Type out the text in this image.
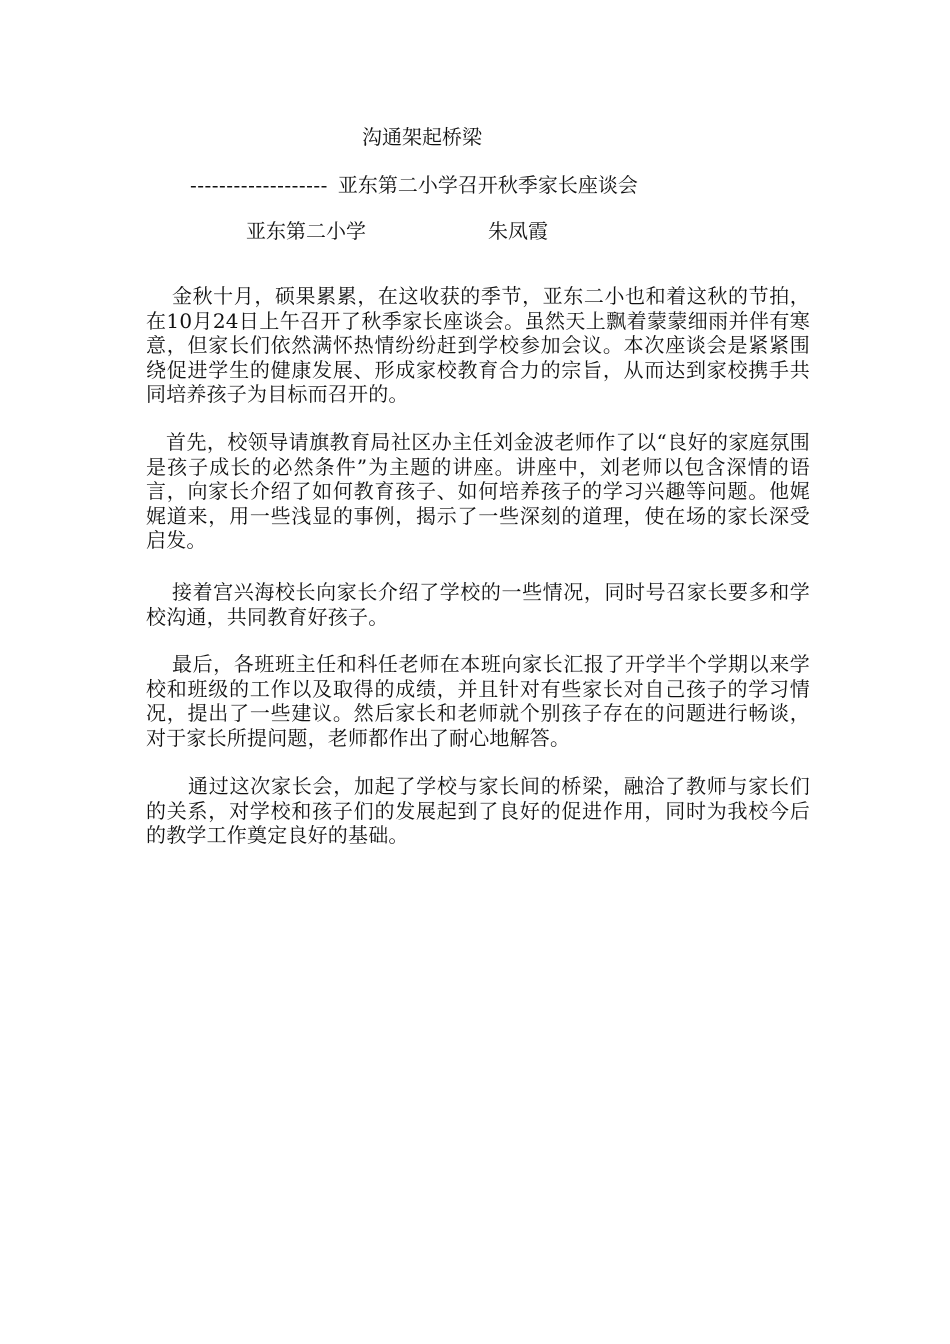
沟通架起桥梁
------------------- 亚东第二小学召开秋季家长座谈会
亚东第二小学	朱凤霞

金秋十月，硕果累累，在这收获的季节，亚东二小也和着这秋的节拍，在10月24日上午召开了秋季家长座谈会。虽然天上飘着蒙蒙细雨并伴有寒意，但家长们依然满怀热情纷纷赶到学校参加会议。本次座谈会是紧紧围绕促进学生的健康发展、形成家校教育合力的宗旨，从而达到家校携手共同培养孩子为目标而召开的。

首先，校领导请旗教育局社区办主任刘金波老师作了以“良好的家庭氛围是孩子成长的必然条件”为主题的讲座。讲座中，刘老师以包含深情的语言，向家长介绍了如何教育孩子、如何培养孩子的学习兴趣等问题。他娓娓道来，用一些浅显的事例，揭示了一些深刻的道理，使在场的家长深受启发。

接着宫兴海校长向家长介绍了学校的一些情况，同时号召家长要多和学校沟通，共同教育好孩子。

最后，各班班主任和科任老师在本班向家长汇报了开学半个学期以来学校和班级的工作以及取得的成绩，并且针对有些家长对自己孩子的学习情况，提出了一些建议。然后家长和老师就个别孩子存在的问题进行畅谈，对于家长所提问题，老师都作出了耐心地解答。

通过这次家长会，加起了学校与家长间的桥梁，融洽了教师与家长们的关系，对学校和孩子们的发展起到了良好的促进作用，同时为我校今后的教学工作奠定良好的基础。
